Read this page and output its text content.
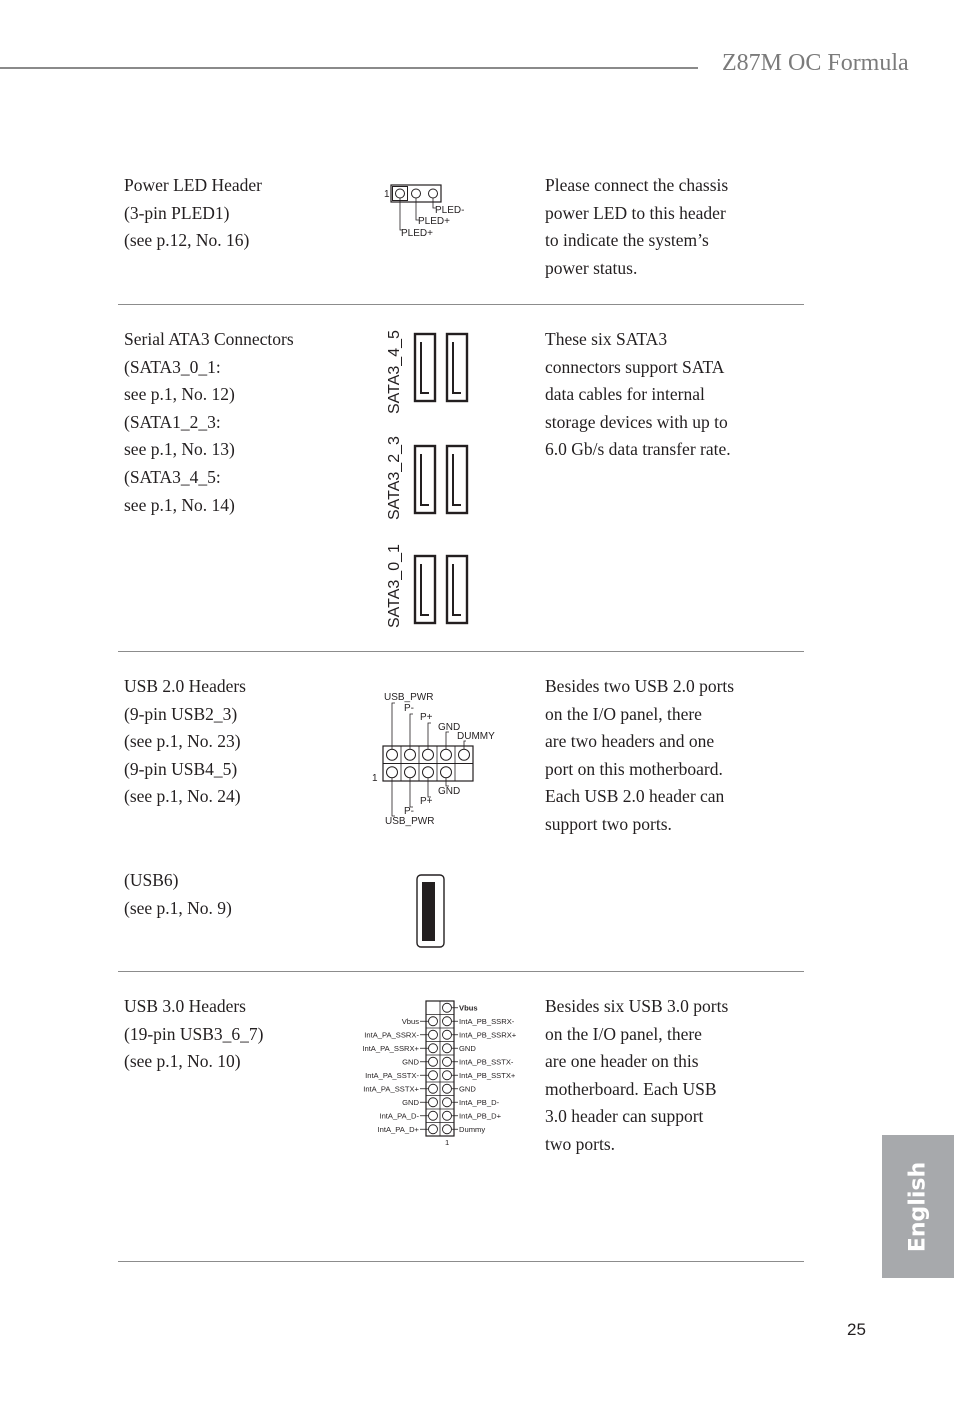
Z87M OC Formula
Power LED Header
(3-pin PLED1)
(see p.12, No. 16)
1
PLED-
PLED+
PLED+
Please connect the chassis
power LED to this header
to indicate the system’s
power status.
Serial ATA3 Connectors
(SATA3_0_1:
see p.1, No. 12)
(SATA1_2_3:
see p.1, No. 13)
(SATA3_4_5:
see p.1, No. 14)
SATA3_4_5
SATA3_2_3
SATA3_0_1
These six SATA3
connectors support SATA
data cables for internal
storage devices with up to
6.0 Gb/s data transfer rate.
USB 2.0 Headers
(9-pin USB2_3)
(see p.1, No. 23)
(9-pin USB4_5)
(see p.1, No. 24)
USB_PWR
P-
P+
GND
DUMMY
1
GND
P+
P-
USB_PWR
Besides two USB 2.0 ports
on the I/O panel, there
are two headers and one
port on this motherboard.
Each USB 2.0 header can
support two ports.
(USB6)
(see p.1, No. 9)
USB 3.0 Headers
(19-pin USB3_6_7)
(see p.1, No. 10)
Vbus
IntA_PA_SSRX-
IntA_PA_SSRX+
GND
IntA_PA_SSTX-
IntA_PA_SSTX+
GND
IntA_PA_D-
IntA_PA_D+
Vbus
IntA_PB_SSRX-
IntA_PB_SSRX+
GND
IntA_PB_SSTX-
IntA_PB_SSTX+
GND
IntA_PB_D-
IntA_PB_D+
Dummy
1
Besides six USB 3.0 ports
on the I/O panel, there
are one header on this
motherboard. Each USB
3.0 header can support
two ports.
English
25
